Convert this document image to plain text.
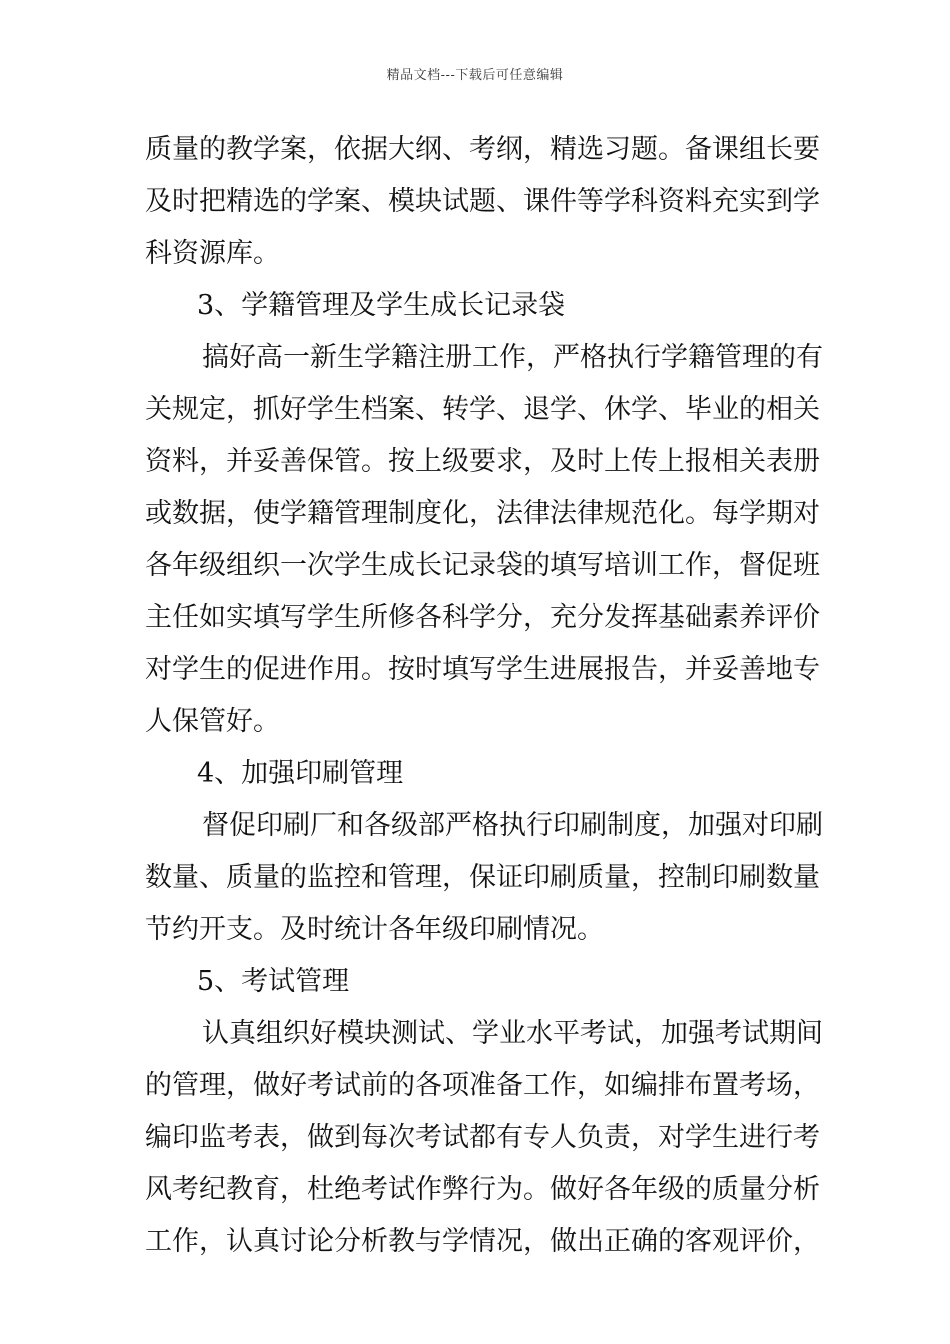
精品文档---下载后可任意编辑
质量的教学案，依据大纲、考纲，精选习题。备课组长要
及时把精选的学案、模块试题、课件等学科资料充实到学
科资源库。
3、学籍管理及学生成长记录袋
搞好高一新生学籍注册工作，严格执行学籍管理的有
关规定，抓好学生档案、转学、退学、休学、毕业的相关
资料，并妥善保管。按上级要求，及时上传上报相关表册
或数据，使学籍管理制度化，法律法律规范化。每学期对
各年级组织一次学生成长记录袋的填写培训工作，督促班
主任如实填写学生所修各科学分，充分发挥基础素养评价
对学生的促进作用。按时填写学生进展报告，并妥善地专
人保管好。
4、加强印刷管理
督促印刷厂和各级部严格执行印刷制度，加强对印刷
数量、质量的监控和管理，保证印刷质量，控制印刷数量
节约开支。及时统计各年级印刷情况。
5、考试管理
认真组织好模块测试、学业水平考试，加强考试期间
的管理，做好考试前的各项准备工作，如编排布置考场，
编印监考表，做到每次考试都有专人负责，对学生进行考
风考纪教育，杜绝考试作弊行为。做好各年级的质量分析
工作，认真讨论分析教与学情况，做出正确的客观评价，
